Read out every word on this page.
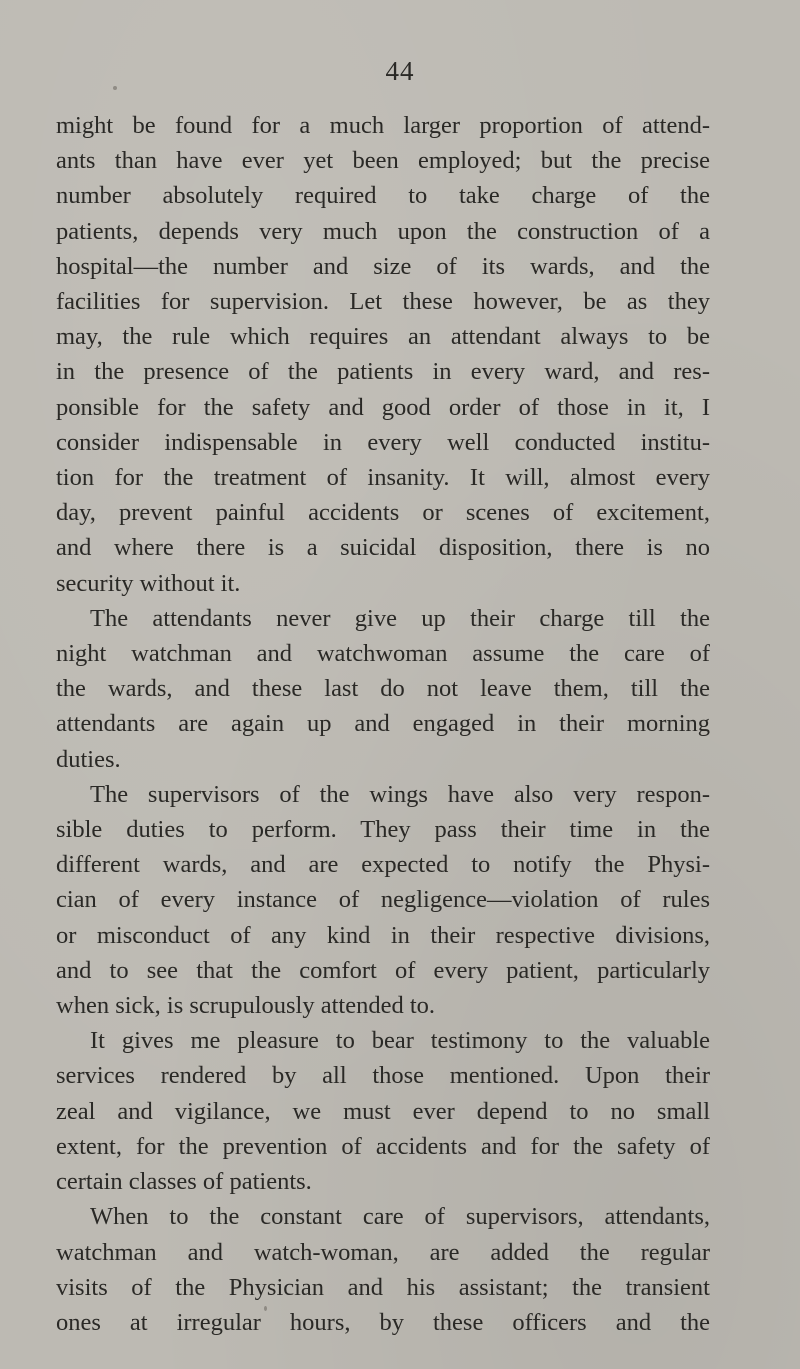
44
might be found for a much larger proportion of attend-
ants than have ever yet been employed; but the precise
number absolutely required to take charge of the
patients, depends very much upon the construction of a
hospital—the number and size of its wards, and the
facilities for supervision. Let these however, be as they
may, the rule which requires an attendant always to be
in the presence of the patients in every ward, and res-
ponsible for the safety and good order of those in it, I
consider indispensable in every well conducted institu-
tion for the treatment of insanity. It will, almost every
day, prevent painful accidents or scenes of excitement,
and where there is a suicidal disposition, there is no
security without it.
The attendants never give up their charge till the
night watchman and watchwoman assume the care of
the wards, and these last do not leave them, till the
attendants are again up and engaged in their morning
duties.
The supervisors of the wings have also very respon-
sible duties to perform. They pass their time in the
different wards, and are expected to notify the Physi-
cian of every instance of negligence—violation of rules
or misconduct of any kind in their respective divisions,
and to see that the comfort of every patient, particularly
when sick, is scrupulously attended to.
It gives me pleasure to bear testimony to the valuable
services rendered by all those mentioned. Upon their
zeal and vigilance, we must ever depend to no small
extent, for the prevention of accidents and for the safety of
certain classes of patients.
When to the constant care of supervisors, attendants,
watchman and watch-woman, are added the regular
visits of the Physician and his assistant; the transient
ones at irregular hours, by these officers and the
